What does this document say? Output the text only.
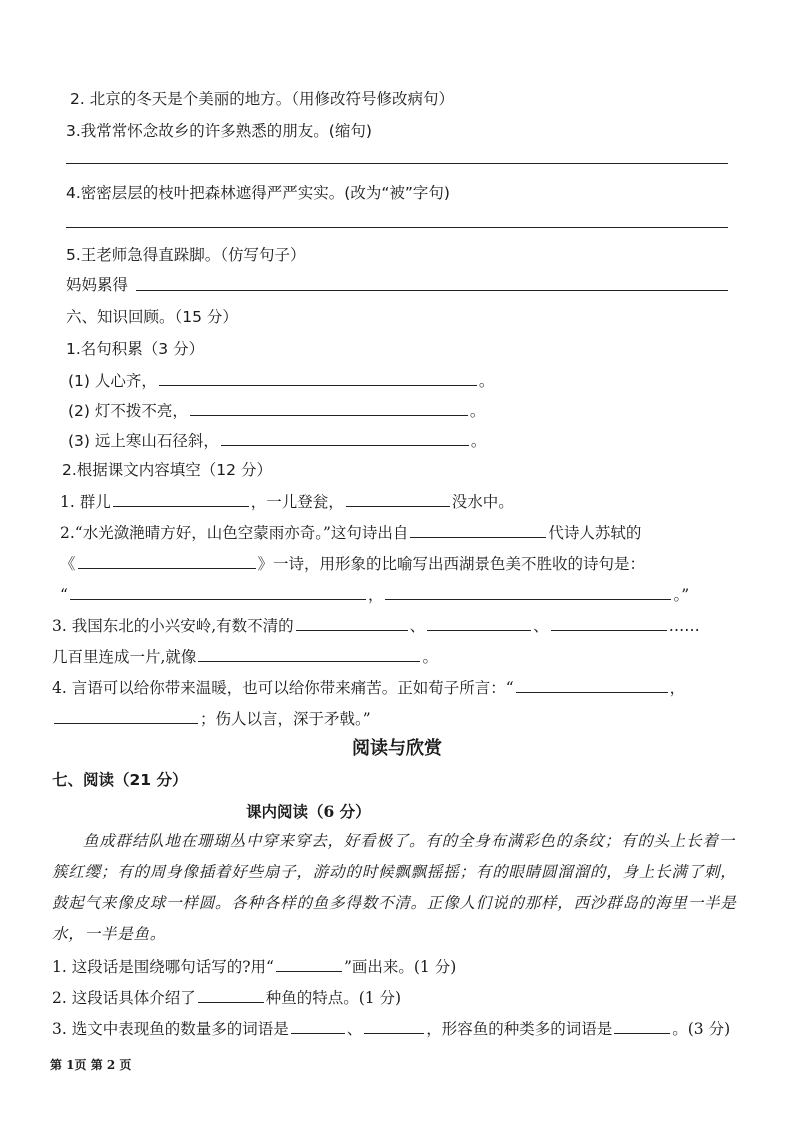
2. 北京的冬天是个美丽的地方。（用修改符号修改病句）
3.我常常怀念故乡的许多熟悉的朋友。(缩句)
4.密密层层的枝叶把森林遮得严严实实。(改为“被”字句)
5.王老师急得直跺脚。（仿写句子）
妈妈累得
六、知识回顾。（15 分）
1.名句积累（3 分）
(1) 人心齐，	。
(2) 灯不拨不亮，	。
(3) 远上寒山石径斜，	。
2.根据课文内容填空（12 分）
1. 群儿	，一儿登瓮，	没水中。
2.“水光潋滟晴方好，山色空蒙雨亦奇。”这句诗出自	代诗人苏轼的
《	》一诗，用形象的比喻写出西湖景色美不胜收的诗句是：
“	，	。”
3. 我国东北的小兴安岭,有数不清的	、	、	……
几百里连成一片,就像	。
4. 言语可以给你带来温暖，也可以给你带来痛苦。正如荀子所言：“	，
；伤人以言，深于矛戟。”
阅读与欣赏
七、阅读（21 分）
课内阅读（6 分）
鱼成群结队地在珊瑚丛中穿来穿去，好看极了。有的全身布满彩色的条纹；有的头上长着一簇红缨；有的周身像插着好些扇子，游动的时候飘飘摇摇；有的眼睛圆溜溜的，身上长满了刺，鼓起气来像皮球一样圆。各种各样的鱼多得数不清。正像人们说的那样，西沙群岛的海里一半是水，一半是鱼。
1. 这段话是围绕哪句话写的?用“	”画出来。(1 分)
2. 这段话具体介绍了	种鱼的特点。(1 分)
3. 选文中表现鱼的数量多的词语是	、	，形容鱼的种类多的词语是	。(3 分)
第 1页 第 2 页
